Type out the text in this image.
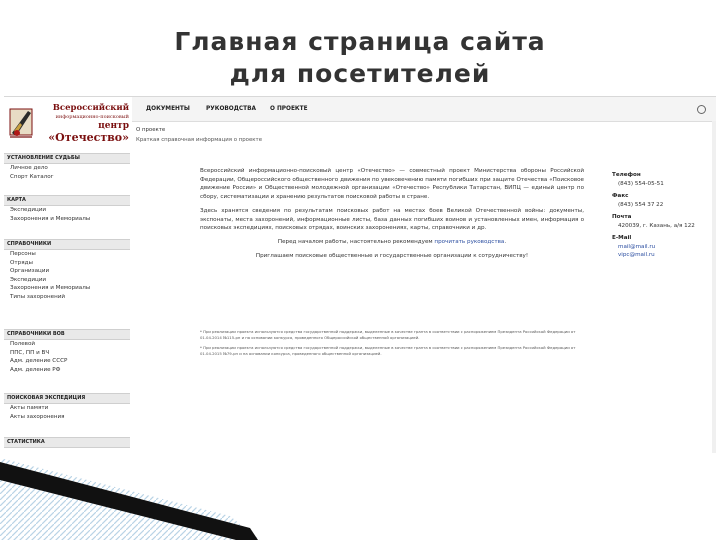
Главная страница сайта
для посетителей
Всероссийский
информационно-поисковый
центр
«Отечество»
УСТАНОВЛЕНИЕ СУДЬБЫ
Личное дело
Спорт Каталог
КАРТА
Экспедиции
Захоронения и Мемориалы
СПРАВОЧНИКИ
Персоны
Отряды
Организации
Экспедиции
Захоронения и Мемориалы
Типы захоронений
СПРАВОЧНИКИ ВОВ
Полевой
ППС, ПП и ВЧ
Адм. деление СССР
Адм. деление РФ
ПОИСКОВАЯ ЭКСПЕДИЦИЯ
Акты памяти
Акты захоронения
СТАТИСТИКА
ДОКУМЕНТЫ	РУКОВОДСТВА О ПРОЕКТЕ
О проекте
Краткая справочная информация о проекте

Всероссийский информационно-поисковый центр «Отечество» — совместный проект Министерства обороны Российской Федерации, Общероссийского общественного движения по увековечению памяти погибших при защите Отечества «Поисковое движение России» и Общественной молодежной организации «Отечество» Республики Татарстан, ВИПЦ — единый центр по сбору, систематизации и хранению результатов поисковой работы в стране.

Здесь хранятся сведения по результатам поисковых работ на местах боев Великой Отечественной войны: документы, экспонаты, места захоронений, информационные листы, база данных погибших воинов и установленных имен, информация о поисковых экспедициях, поисковых отрядах, воинских захоронениях, карты, справочники и др.

Перед началом работы, настоятельно рекомендуем прочитать руководства.

Приглашаем поисковые общественные и государственные организации к сотрудничеству!

* При реализации проекта используются средства государственной поддержки, выделенные в качестве гранта в соответствии с распоряжением Президента Российской Федерации от 01.04.2014 №115-рп и на основании конкурса, проведенного Общероссийской общественной организацией.

* При реализации проекта используются средства государственной поддержки, выделенные в качестве гранта в соответствии с распоряжением Президента Российской Федерации от 01.04.2015 №79-рп и на основании конкурса, проведенного общественной организацией.

Телефон
(843) 554-05-51
Факс
(843) 554 37 22
Почта
420039, г. Казань, а/я 122
E-Mail
mail@mail.ru
vipc@mail.ru
